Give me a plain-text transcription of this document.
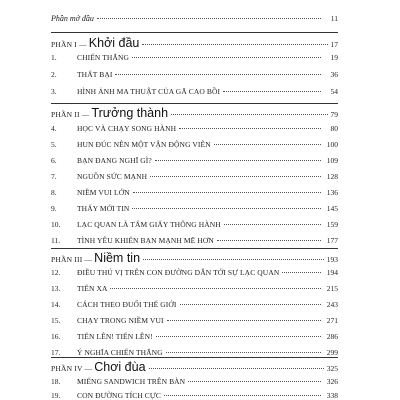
Phần mở đầu	11
PHẦN I — Khởi đầu	17
1.	CHIẾN THẮNG	19
2.	THẤT BẠI	36
3.	HÌNH ẢNH MA THUẬT CỦA GÃ CAO BỒI	54
PHẦN II — Trưởng thành	79
4.	HỌC VÀ CHẠY SONG HÀNH	80
5.	HUN ĐÚC NÊN MỘT VẬN ĐỘNG VIÊN	100
6.	BẠN ĐANG NGHĨ GÌ?	109
7.	NGUỒN SỨC MẠNH	128
8.	NIỀM VUI LỚN	136
9.	THẤY MỚI TIN	145
10.	LẠC QUAN LÀ TẤM GIẤY THÔNG HÀNH	159
11.	TÌNH YÊU KHIẾN BẠN MẠNH MẼ HƠN	177
PHẦN III — Niềm tin	193
12.	ĐIỀU THÚ VỊ TRÊN CON ĐƯỜNG DẪN TỚI SỰ LẠC QUAN	194
13.	TIẾN XA	215
14.	CÁCH THEO ĐUỔI THẾ GIỚI	243
15.	CHẠY TRONG NIỀM VUI	271
16.	TIẾN LÊN! TIẾN LÊN!	286
17.	Ý NGHĨA CHIẾN THẮNG	299
PHẦN IV — Chơi đùa	325
18.	MIẾNG SANDWICH TRÊN BÀN	326
19.	CON ĐƯỜNG TÍCH CỰC	338
